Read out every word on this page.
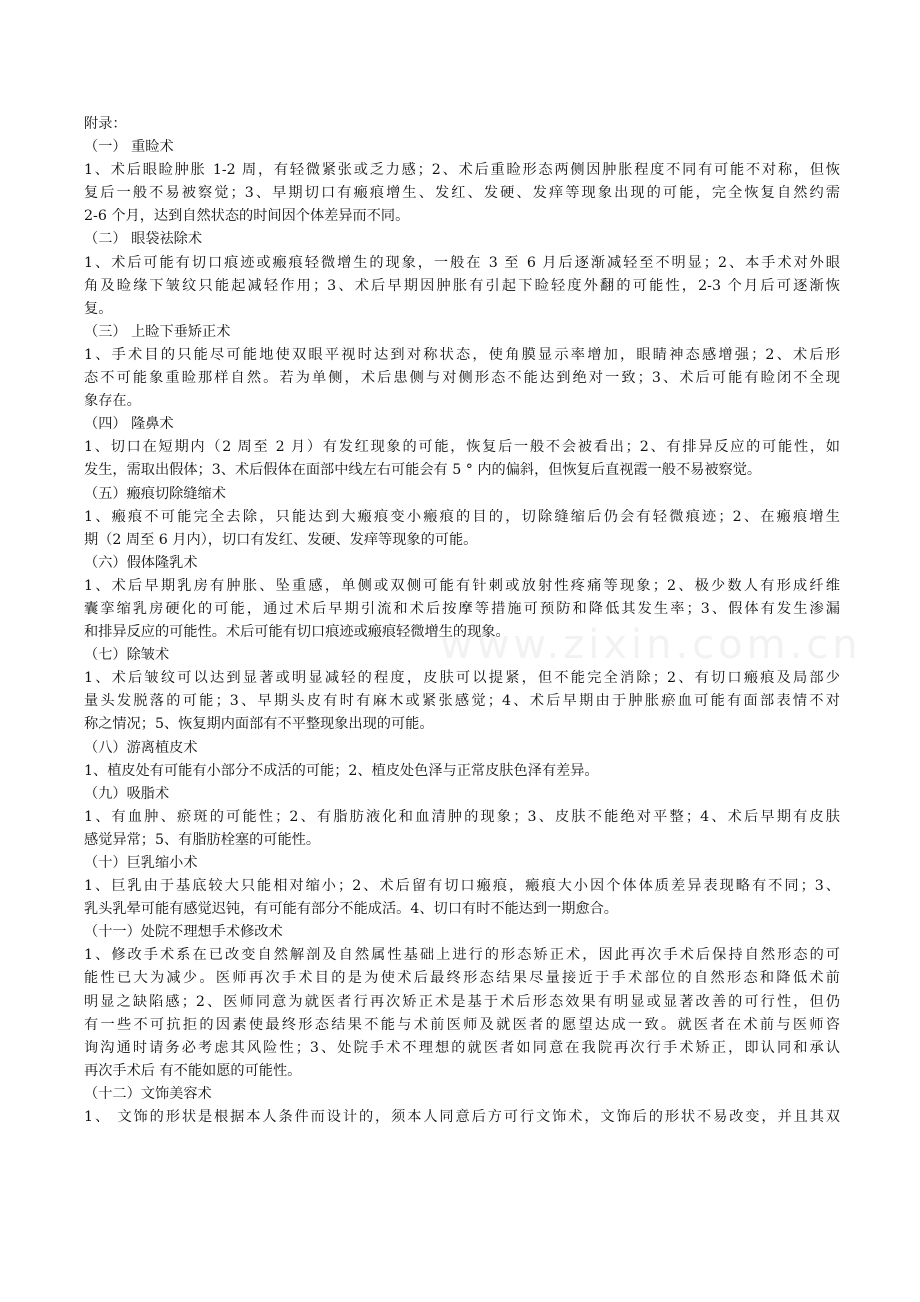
www.zixin.com.cn
附录：
（一） 重睑术
1、术后眼睑肿胀 1-2 周，有轻微紧张或乏力感；2、术后重睑形态两侧因肿胀程度不同有可能不对称，但恢
复后一般不易被察觉；3、早期切口有瘢痕增生、发红、发硬、发痒等现象出现的可能，完全恢复自然约需
2-6 个月，达到自然状态的时间因个体差异而不同。
（二） 眼袋祛除术
1、术后可能有切口痕迹或瘢痕轻微增生的现象，一般在 3 至 6 月后逐渐减轻至不明显；2、本手术对外眼
角及睑缘下皱纹只能起减轻作用；3、术后早期因肿胀有引起下睑轻度外翻的可能性，2-3 个月后可逐渐恢
复。
（三） 上睑下垂矫正术
1、手术目的只能尽可能地使双眼平视时达到对称状态，使角膜显示率增加，眼睛神态感增强；2、术后形
态不可能象重睑那样自然。若为单侧，术后患侧与对侧形态不能达到绝对一致；3、术后可能有睑闭不全现
象存在。
（四） 隆鼻术
1、切口在短期内（2 周至 2 月）有发红现象的可能，恢复后一般不会被看出；2、有排异反应的可能性，如
发生，需取出假体；3、术后假体在面部中线左右可能会有 5 ° 内的偏斜，但恢复后直视霞一般不易被察觉。
（五）瘢痕切除缝缩术
1、瘢痕不可能完全去除，只能达到大瘢痕变小瘢痕的目的，切除缝缩后仍会有轻微痕迹；2、在瘢痕增生
期（2 周至 6 月内），切口有发红、发硬、发痒等现象的可能。
（六）假体隆乳术
1、术后早期乳房有肿胀、坠重感，单侧或双侧可能有针刺或放射性疼痛等现象；2、极少数人有形成纤维
囊挛缩乳房硬化的可能，通过术后早期引流和术后按摩等措施可预防和降低其发生率；3、假体有发生渗漏
和排异反应的可能性。术后可能有切口痕迹或瘢痕轻微增生的现象。
（七）除皱术
1、术后皱纹可以达到显著或明显减轻的程度，皮肤可以提紧，但不能完全消除；2、有切口瘢痕及局部少
量头发脱落的可能；3、早期头皮有时有麻木或紧张感觉；4、术后早期由于肿胀瘀血可能有面部表情不对
称之情况；5、恢复期内面部有不平整现象出现的可能。
（八）游离植皮术
1、植皮处有可能有小部分不成活的可能；2、植皮处色泽与正常皮肤色泽有差异。
（九）吸脂术
1、有血肿、瘀斑的可能性；2、有脂肪液化和血清肿的现象；3、皮肤不能绝对平整；4、术后早期有皮肤
感觉异常；5、有脂肪栓塞的可能性。
（十）巨乳缩小术
1、巨乳由于基底较大只能相对缩小；2、术后留有切口瘢痕，瘢痕大小因个体体质差异表现略有不同；3、
乳头乳晕可能有感觉迟钝，有可能有部分不能成活。4、切口有时不能达到一期愈合。
（十一）处院不理想手术修改术
1、修改手术系在已改变自然解剖及自然属性基础上进行的形态矫正术，因此再次手术后保持自然形态的可
能性已大为减少。医师再次手术目的是为使术后最终形态结果尽量接近于手术部位的自然形态和降低术前
明显之缺陷感；2、医师同意为就医者行再次矫正术是基于术后形态效果有明显或显著改善的可行性，但仍
有一些不可抗拒的因素使最终形态结果不能与术前医师及就医者的愿望达成一致。就医者在术前与医师咨
询沟通时请务必考虑其风险性；3、处院手术不理想的就医者如同意在我院再次行手术矫正，即认同和承认
再次手术后 有不能如愿的可能性。
（十二）文饰美容术
1、 文饰的形状是根据本人条件而设计的，须本人同意后方可行文饰术，文饰后的形状不易改变，并且其双
